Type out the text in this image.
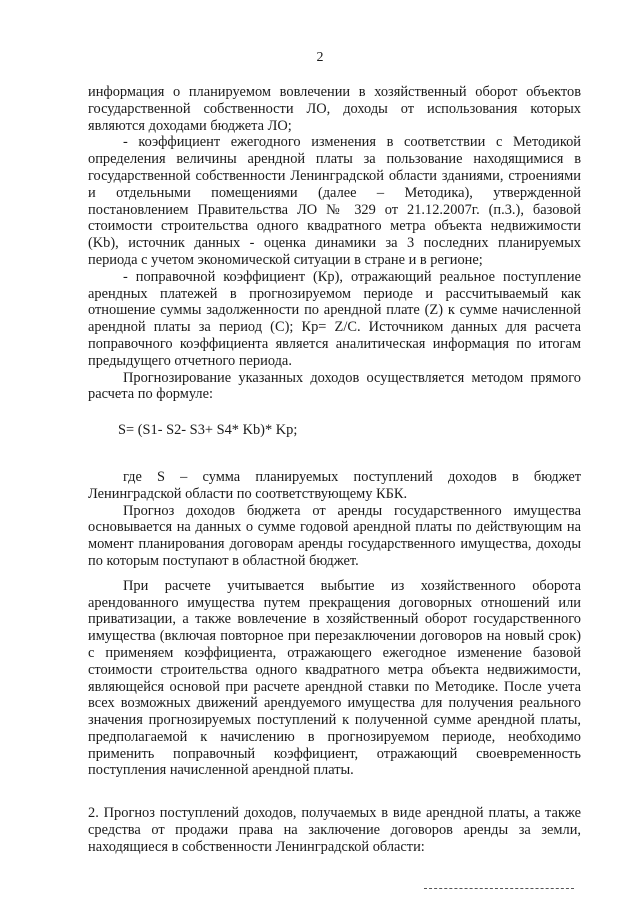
2

информация о планируемом вовлечении в хозяйственный оборот объектов государственной собственности ЛО, доходы от использования которых являются доходами бюджета ЛО;

- коэффициент ежегодного изменения в соответствии с Методикой определения величины арендной платы за пользование находящимися в государственной собственности Ленинградской области зданиями, строениями и отдельными помещениями (далее – Методика), утвержденной постановлением Правительства ЛО № 329 от 21.12.2007г. (п.3.), базовой стоимости строительства одного квадратного метра объекта недвижимости (Kb), источник данных - оценка динамики за 3 последних планируемых периода с учетом экономической ситуации в стране и в регионе;

- поправочной коэффициент (Кр), отражающий реальное поступление арендных платежей в прогнозируемом периоде и рассчитываемый как отношение суммы задолженности по арендной плате (Z) к сумме начисленной арендной платы за период (С); Кр= Z/C. Источником данных для расчета поправочного коэффициента является аналитическая информация по итогам предыдущего отчетного периода.

Прогнозирование указанных доходов осуществляется методом прямого расчета по формуле:

S= (S1- S2- S3+ S4* Kb)* Kp;

где S – сумма планируемых поступлений доходов в бюджет Ленинградской области по соответствующему КБК.

Прогноз доходов бюджета от аренды государственного имущества основывается на данных о сумме годовой арендной платы по действующим на момент планирования договорам аренды государственного имущества, доходы по которым поступают в областной бюджет.

При расчете учитывается выбытие из хозяйственного оборота арендованного имущества путем прекращения договорных отношений или приватизации, а также вовлечение в хозяйственный оборот государственного имущества (включая повторное при перезаключении договоров на новый срок) с применяем коэффициента, отражающего ежегодное изменение базовой стоимости строительства одного квадратного метра объекта недвижимости, являющейся основой при расчете арендной ставки по Методике. После учета всех возможных движений арендуемого имущества для получения реального значения прогнозируемых поступлений к полученной сумме арендной платы, предполагаемой к начислению в прогнозируемом периоде, необходимо применить поправочный коэффициент, отражающий своевременность поступления начисленной арендной платы.

2. Прогноз поступлений доходов, получаемых в виде арендной платы, а также средства от продажи права на заключение договоров аренды за земли, находящиеся в собственности Ленинградской области:
